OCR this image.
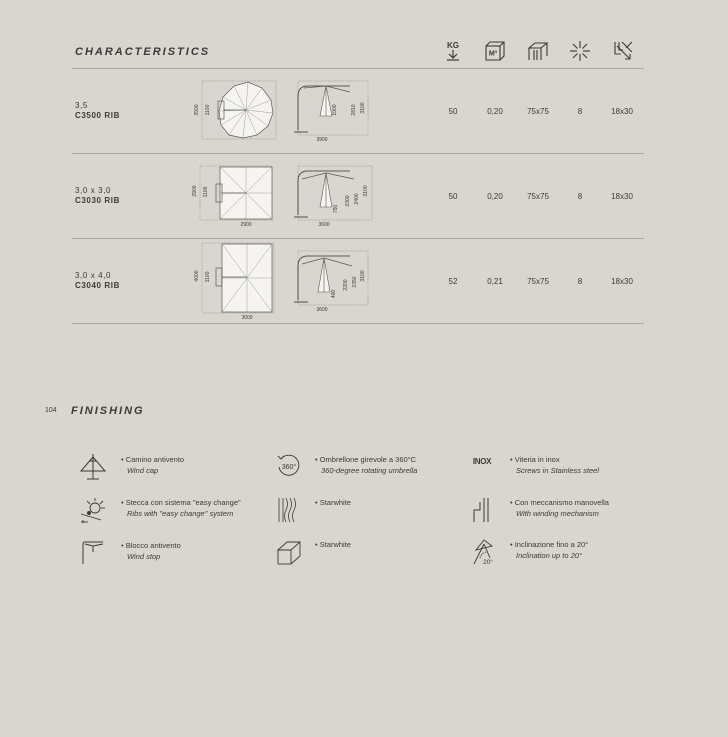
CHARACTERISTICS
KG
M³
3,5
C3500 RIB	3500 1100	1000	2810 3100
3900
50	0,20	75x75	8	18x30
3,0 x 3,0
C3030 RIB
2900 1100
2900
750
2300 2400
3100
3600
50	0,20	75x75	8	18x30
3,0 x 4,0
C3040 RIB
4000 1100
3000
400
2200 2350
3100
3600
52	0,21	75x75	8	18x30
104 FINISHING
• Camino antivento
Wind cap
• Stecca con sistema "easy change"
Ribs with "easy change" system
• Blocco antivento
Wind stop
360°
• Ombrellone girevole a 360°C
360-degree rotating umbrella
• Starwhite
• Starwhite
INOX	• Viteria in inox
Screws in Stainless steel
• Con meccanismo manovella
With winding mechanism
20°
• Inclinazione fino a 20°
Inclination up to 20°
